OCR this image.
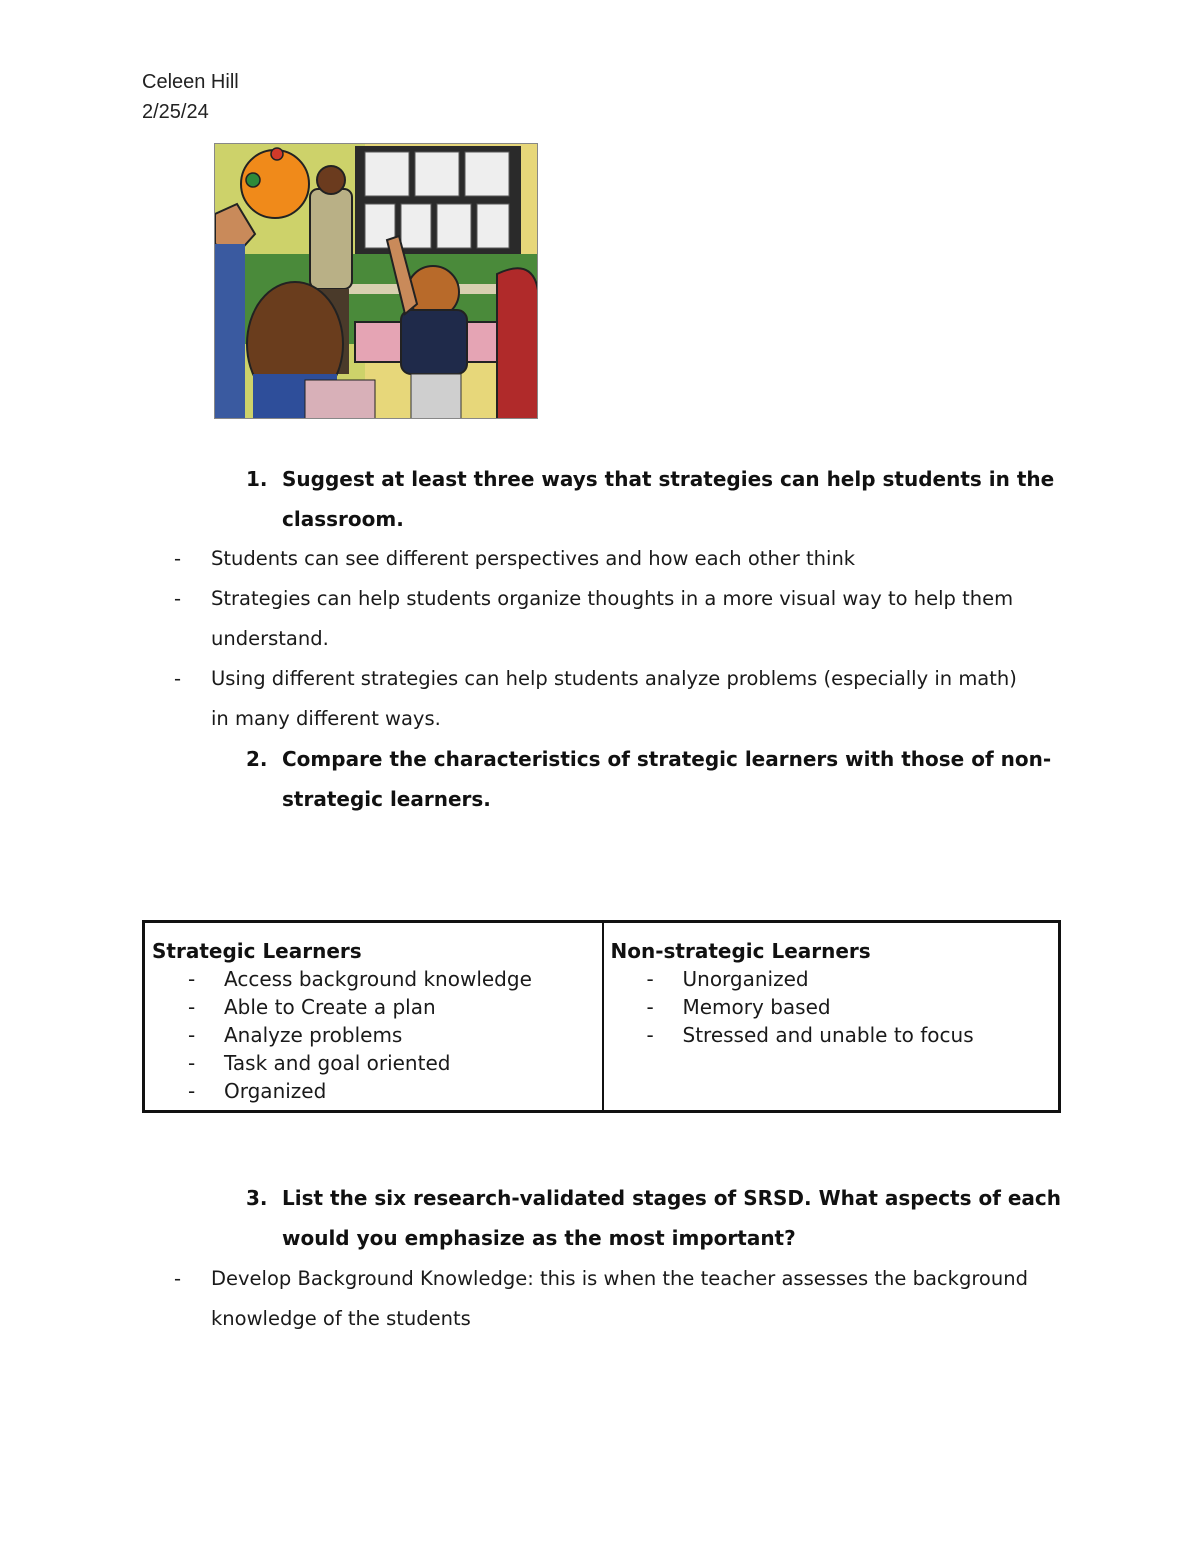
Celeen Hill
2/25/24
1. Suggest at least three ways that strategies can help students in the classroom.
- Students can see different perspectives and how each other think
- Strategies can help students organize thoughts in a more visual way to help them understand.
- Using different strategies can help students analyze problems (especially in math) in many different ways.
2. Compare the characteristics of strategic learners with those of non-strategic learners.
Strategic Learners
- Access background knowledge
- Able to Create a plan
- Analyze problems
- Task and goal oriented
- Organized
Non-strategic Learners
- Unorganized
- Memory based
- Stressed and unable to focus
3. List the six research-validated stages of SRSD. What aspects of each would you emphasize as the most important?
- Develop Background Knowledge: this is when the teacher assesses the background knowledge of the students
